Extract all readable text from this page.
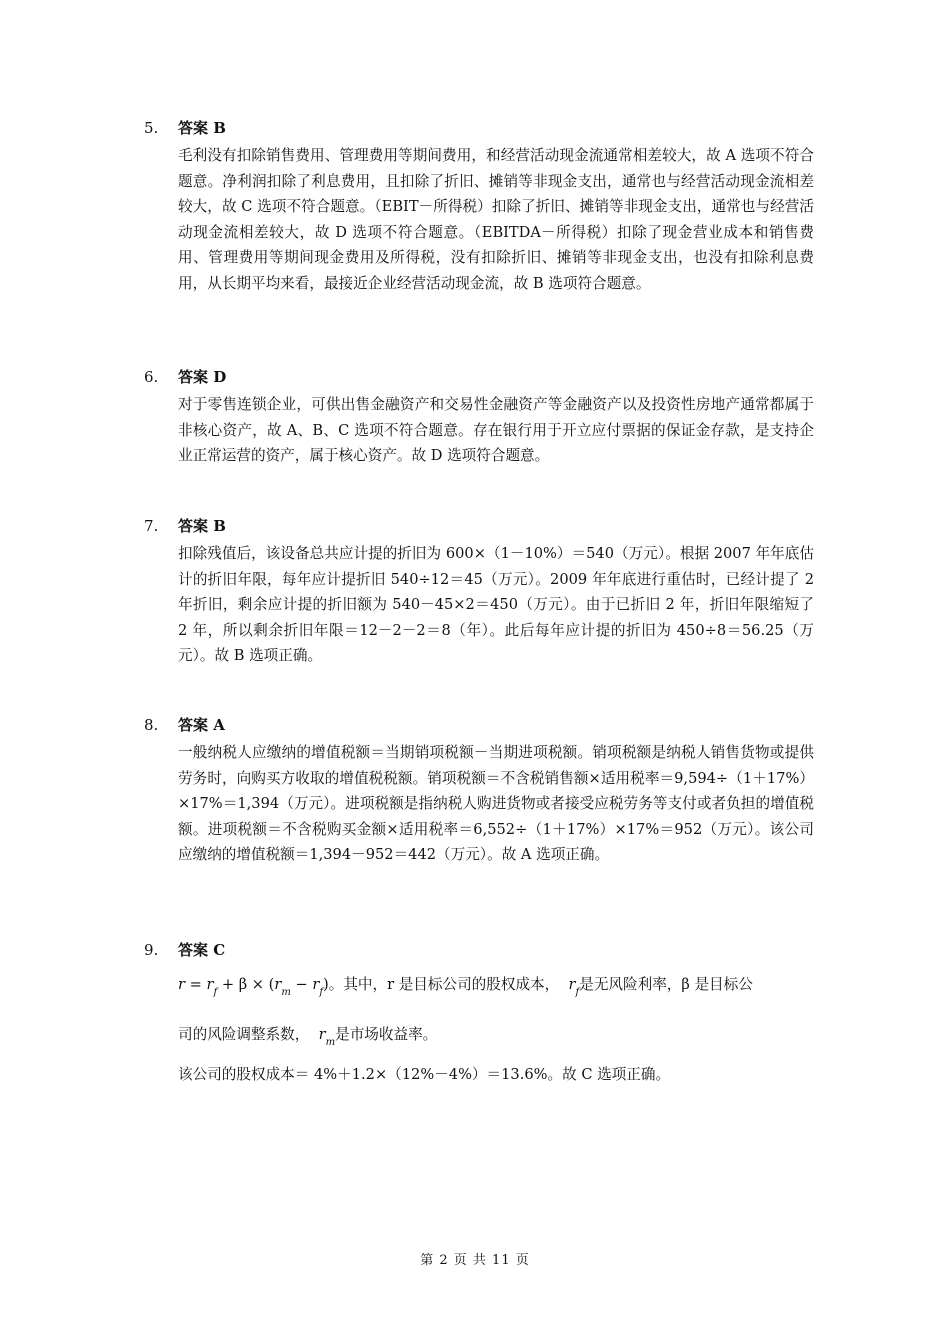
5. 答案 B
毛利没有扣除销售费用、管理费用等期间费用，和经营活动现金流通常相差较大，故 A 选项不符合题意。净利润扣除了利息费用，且扣除了折旧、摊销等非现金支出，通常也与经营活动现金流相差较大，故 C 选项不符合题意。（EBIT－所得税）扣除了折旧、摊销等非现金支出，通常也与经营活动现金流相差较大，故 D 选项不符合题意。（EBITDA－所得税）扣除了现金营业成本和销售费用、管理费用等期间现金费用及所得税，没有扣除折旧、摊销等非现金支出，也没有扣除利息费用，从长期平均来看，最接近企业经营活动现金流，故 B 选项符合题意。
6. 答案 D
对于零售连锁企业，可供出售金融资产和交易性金融资产等金融资产以及投资性房地产通常都属于非核心资产，故 A、B、C 选项不符合题意。存在银行用于开立应付票据的保证金存款，是支持企业正常运营的资产，属于核心资产。故 D 选项符合题意。
7. 答案 B
扣除残值后，该设备总共应计提的折旧为 600×（1－10%）＝540（万元）。根据 2007 年年底估计的折旧年限，每年应计提折旧 540÷12＝45（万元）。2009 年年底进行重估时，已经计提了 2 年折旧，剩余应计提的折旧额为 540－45×2＝450（万元）。由于已折旧 2 年，折旧年限缩短了 2 年，所以剩余折旧年限＝12－2－2＝8（年）。此后每年应计提的折旧为 450÷8＝56.25（万元）。故 B 选项正确。
8. 答案 A
一般纳税人应缴纳的增值税额＝当期销项税额－当期进项税额。销项税额是纳税人销售货物或提供劳务时，向购买方收取的增值税税额。销项税额＝不含税销售额×适用税率＝9,594÷（1＋17%）×17%＝1,394（万元）。进项税额是指纳税人购进货物或者接受应税劳务等支付或者负担的增值税额。进项税额＝不含税购买金额×适用税率＝6,552÷（1＋17%）×17%＝952（万元）。该公司应缴纳的增值税额＝1,394－952＝442（万元）。故 A 选项正确。
9. 答案 C
$r = r_f + \beta \times (r_m - r_f)$。其中，r 是目标公司的股权成本， $r_f$是无风险利率，β 是目标公
司的风险调整系数， $r_m$是市场收益率。
该公司的股权成本＝ 4%＋1.2×（12%－4%）＝13.6%。故 C 选项正确。
第 2 页 共 11 页
